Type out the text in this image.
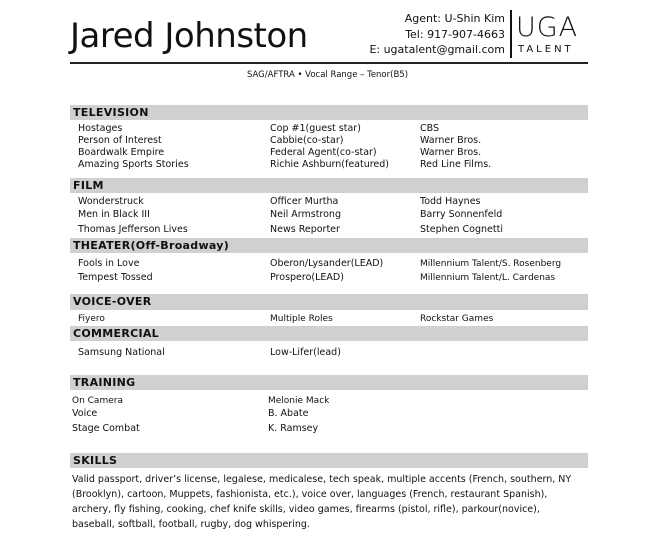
Jared Johnston	Agent: U-Shin Kim
Tel: 917-907-4663
E: ugatalent@gmail.com
UGA
TALENT
SAG/AFTRA • Vocal Range – Tenor(B5)
TELEVISION
Hostages	Cop #1(guest star)	CBS
Person of Interest	Cabbie(co-star)	Warner Bros.
Boardwalk Empire	Federal Agent(co-star)	Warner Bros.
Amazing Sports Stories	Richie Ashburn(featured)	Red Line Films.
FILM
Wonderstruck	Officer Murtha	Todd Haynes
Men in Black III	Neil Armstrong	Barry Sonnenfeld
Thomas Jefferson Lives	News Reporter	Stephen Cognetti
THEATER(Off-Broadway)
Fools in Love	Oberon/Lysander(LEAD)	Millennium Talent/S. Rosenberg
Tempest Tossed	Prospero(LEAD)	Millennium Talent/L. Cardenas
VOICE-OVER
Fiyero	Multiple Roles	Rockstar Games
COMMERCIAL
Samsung National	Low-Lifer(lead)
TRAINING
On Camera	Melonie Mack
Voice	B. Abate
Stage Combat	K. Ramsey
SKILLS
Valid passport, driver’s license, legalese, medicalese, tech speak, multiple accents (French, southern, NY (Brooklyn), cartoon, Muppets, fashionista, etc.), voice over, languages (French, restaurant Spanish), archery, fly fishing, cooking, chef knife skills, video games, firearms (pistol, rifle), parkour(novice), baseball, softball, football, rugby, dog whispering.
